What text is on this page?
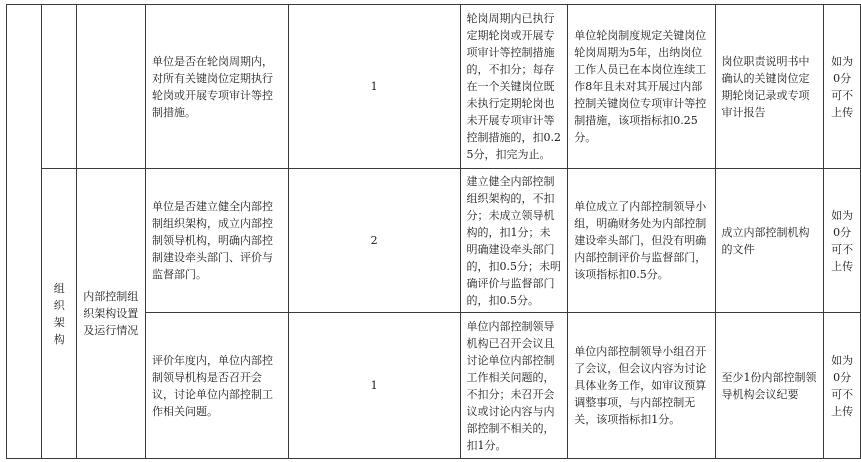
			单位是否在轮岗周期内，对所有关键岗位定期执行轮岗或开展专项审计等控制措施。	1	轮岗周期内已执行定期轮岗或开展专项审计等控制措施的，不扣分；每存在一个关键岗位既未执行定期轮岗也未开展专项审计等控制措施的，扣0.25分，扣完为止。	单位轮岗制度规定关键岗位轮岗周期为5年，出纳岗位工作人员已在本岗位连续工作8年且未对其开展过内部控制关键岗位专项审计等控制措施，该项指标扣0.25分。	岗位职责说明书中确认的关键岗位定期轮岗记录或专项审计报告	如为0分可不上传

	组织架构	内部控制组织架构设置及运行情况	单位是否建立健全内部控制组织架构，成立内部控制领导机构，明确内部控制建设牵头部门、评价与监督部门。	2	建立健全内部控制组织架构的，不扣分；未成立领导机构的，扣1分；未明确建设牵头部门的，扣0.5分；未明确评价与监督部门的，扣0.5分。	单位成立了内部控制领导小组，明确财务处为内部控制建设牵头部门，但没有明确内部控制评价与监督部门，该项指标扣0.5分。	成立内部控制机构的文件	如为0分可不上传

			评价年度内，单位内部控制领导机构是否召开会议，讨论单位内部控制工作相关问题。	1	单位内部控制领导机构已召开会议且讨论单位内部控制工作相关问题的，不扣分；未召开会议或讨论内容与内部控制不相关的，扣1分。	单位内部控制领导小组召开了会议，但会议内容为讨论具体业务工作，如审议预算调整事项，与内部控制无关，该项指标扣1分。	至少1份内部控制领导机构会议纪要	如为0分可不上传
